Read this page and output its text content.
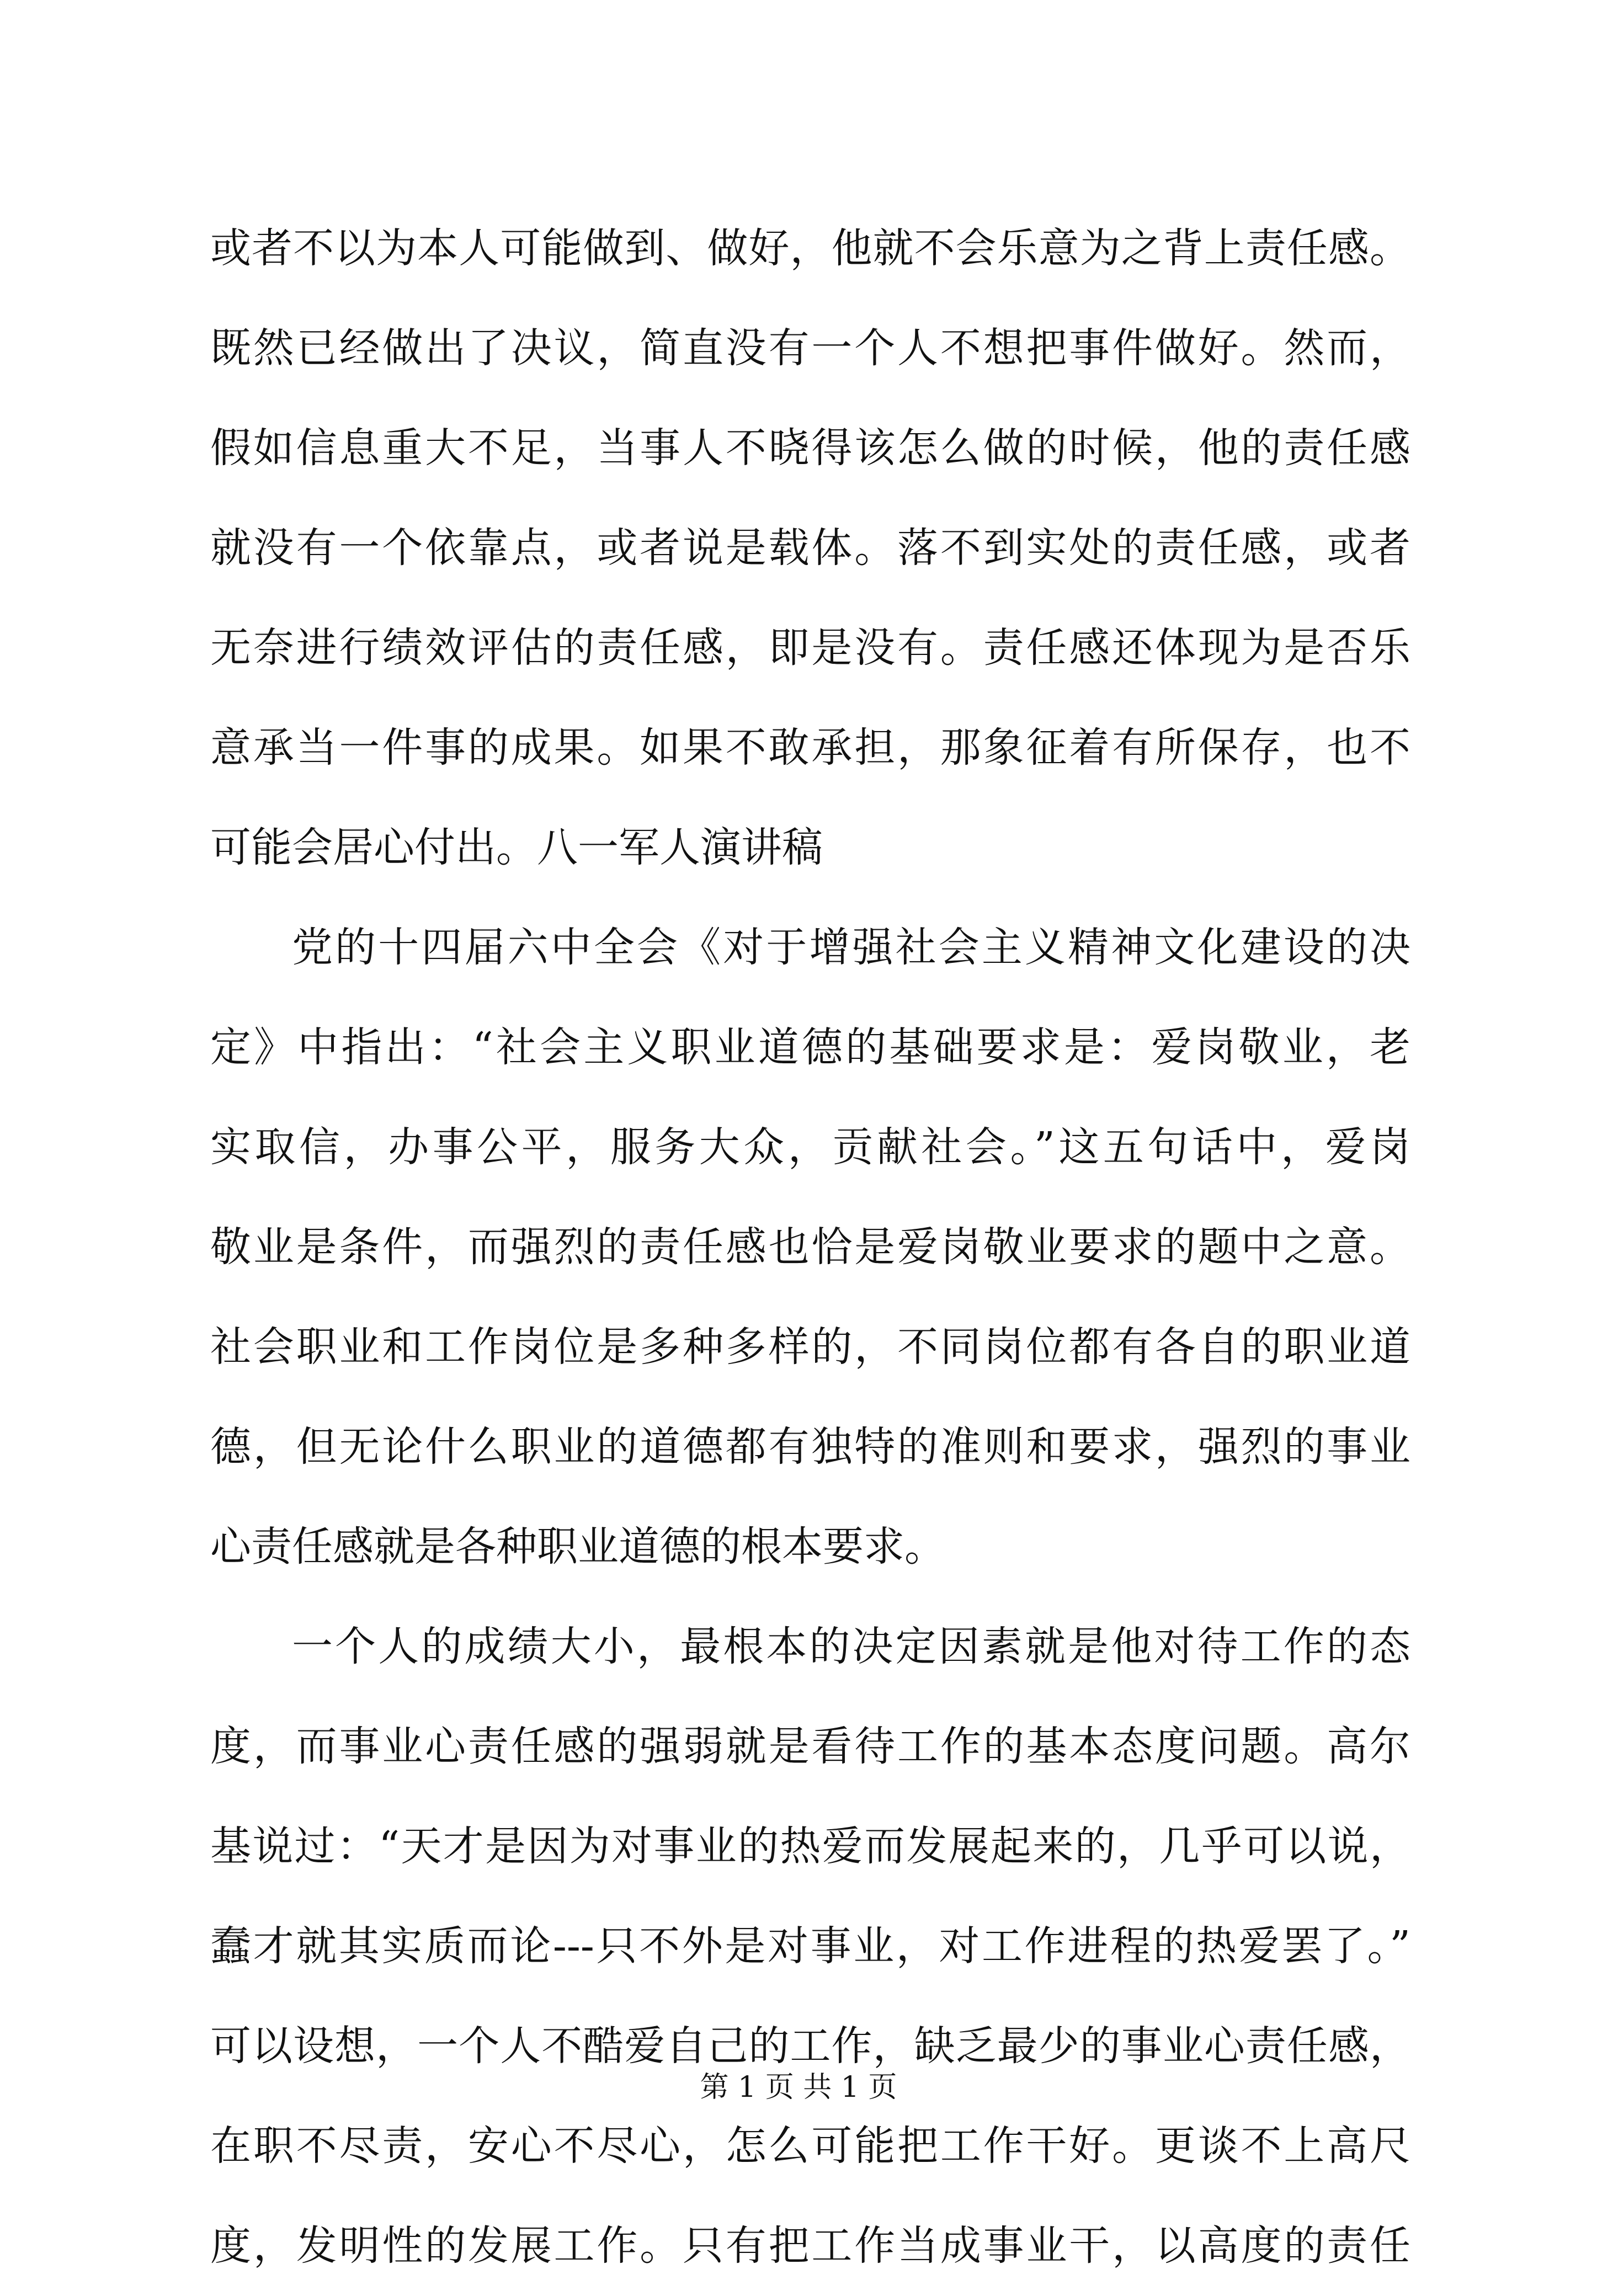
或者不以为本人可能做到、做好，他就不会乐意为之背上责任感。
既然已经做出了决议，简直没有一个人不想把事件做好。然而，
假如信息重大不足，当事人不晓得该怎么做的时候，他的责任感
就没有一个依靠点，或者说是载体。落不到实处的责任感，或者
无奈进行绩效评估的责任感，即是没有。责任感还体现为是否乐
意承当一件事的成果。如果不敢承担，那象征着有所保存，也不
可能会居心付出。八一军人演讲稿
党的十四届六中全会《对于增强社会主义精神文化建设的决
定》中指出：“社会主义职业道德的基础要求是：爱岗敬业，老
实取信，办事公平，服务大众，贡献社会。”这五句话中，爱岗
敬业是条件，而强烈的责任感也恰是爱岗敬业要求的题中之意。
社会职业和工作岗位是多种多样的，不同岗位都有各自的职业道
德，但无论什么职业的道德都有独特的准则和要求，强烈的事业
心责任感就是各种职业道德的根本要求。
一个人的成绩大小，最根本的决定因素就是他对待工作的态
度，而事业心责任感的强弱就是看待工作的基本态度问题。高尔
基说过：“天才是因为对事业的热爱而发展起来的，几乎可以说，
蠢才就其实质而论---只不外是对事业，对工作进程的热爱罢了。”
可以设想，一个人不酷爱自己的工作，缺乏最少的事业心责任感，
在职不尽责，安心不尽心，怎么可能把工作干好。更谈不上高尺
度，发明性的发展工作。只有把工作当成事业干，以高度的责任
第 1 页 共 1 页
